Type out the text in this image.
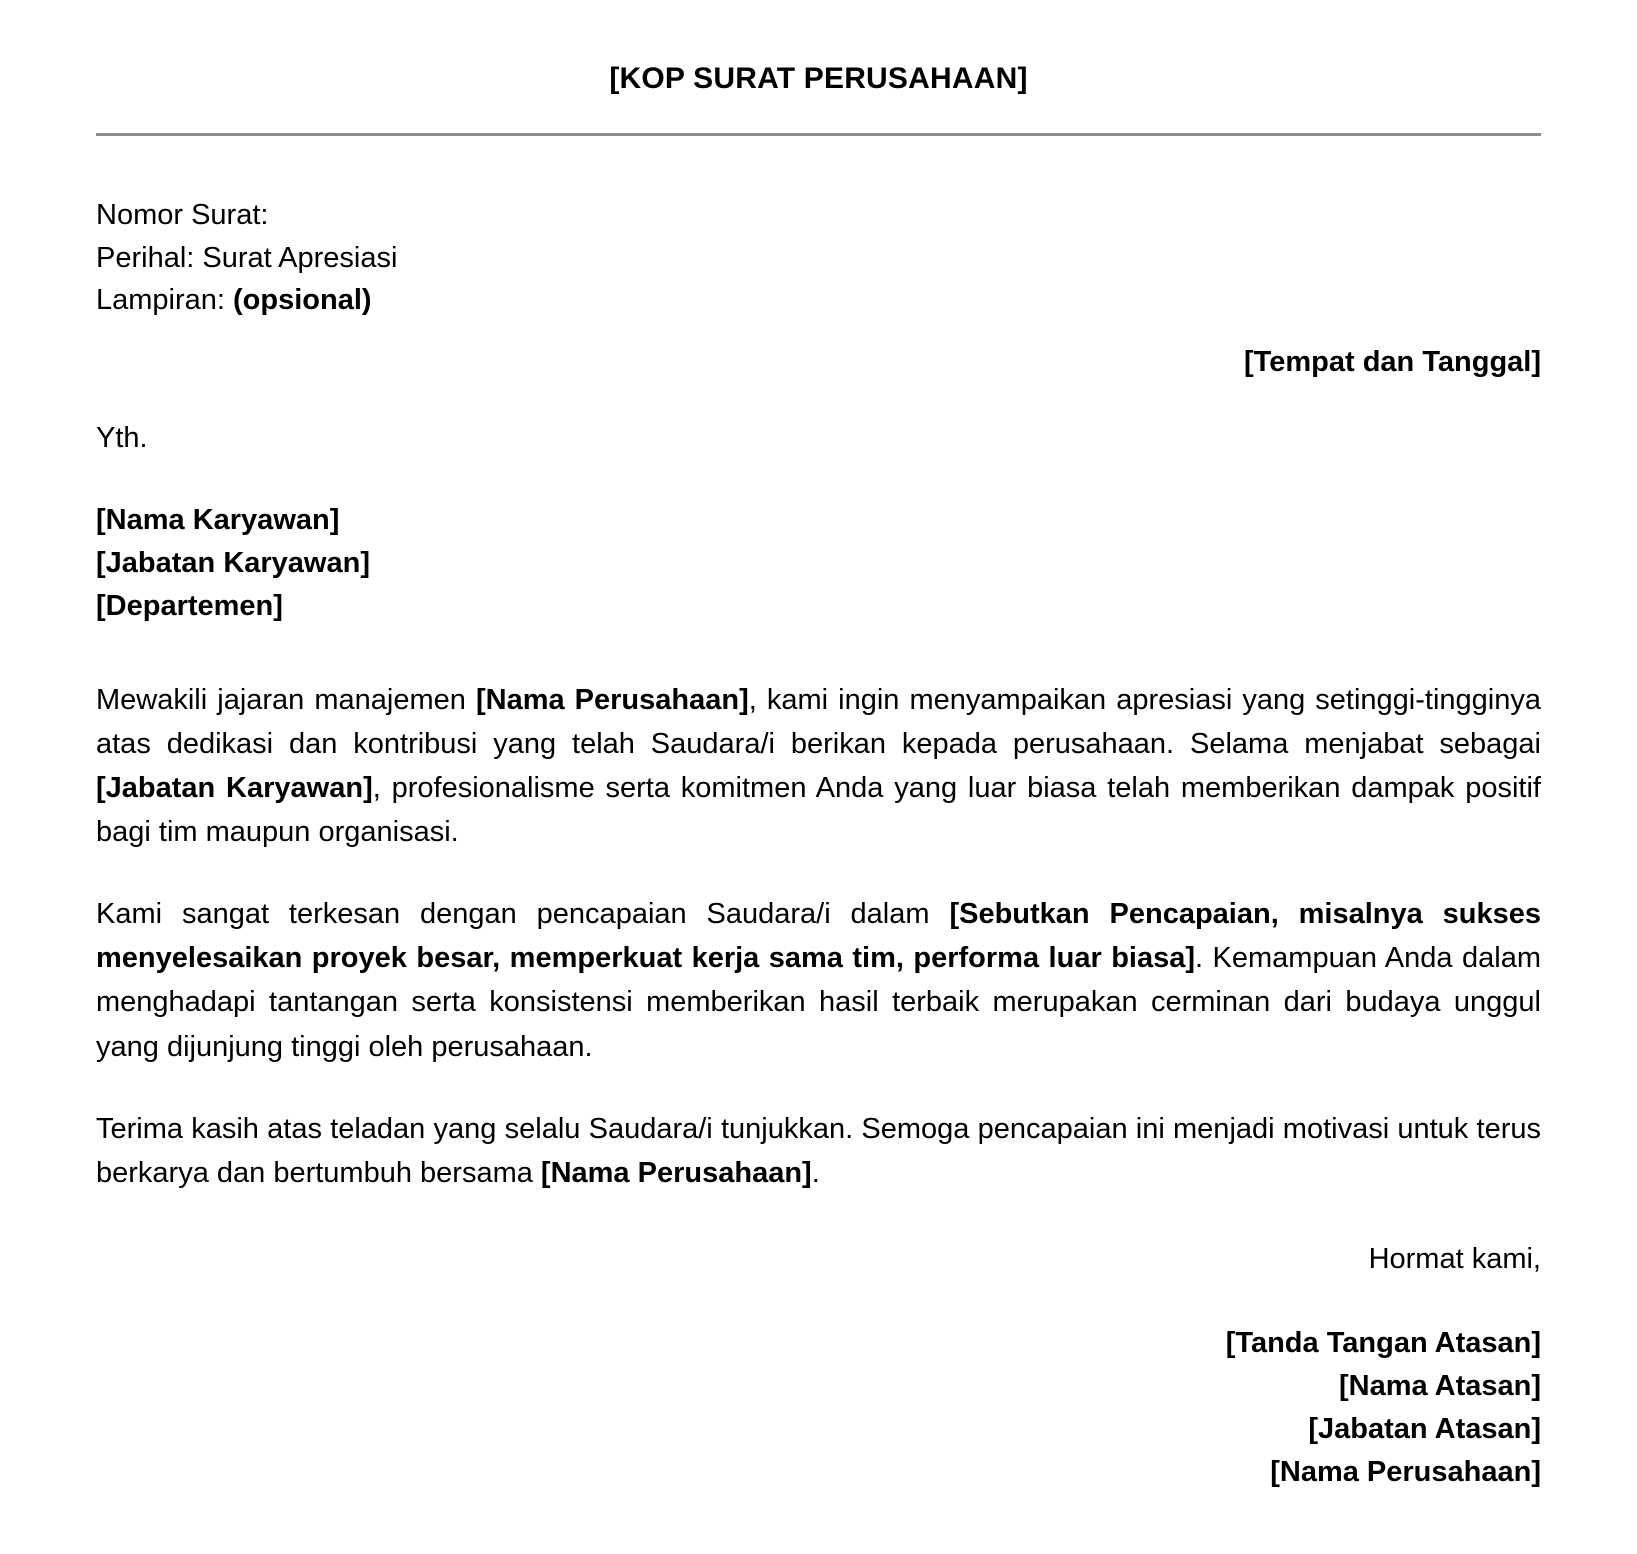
[KOP SURAT PERUSAHAAN]
Nomor Surat:
Perihal: Surat Apresiasi
Lampiran: (opsional)
[Tempat dan Tanggal]
Yth.
[Nama Karyawan]
[Jabatan Karyawan]
[Departemen]

Mewakili jajaran manajemen [Nama Perusahaan], kami ingin menyampaikan apresiasi yang setinggi-tingginya atas dedikasi dan kontribusi yang telah Saudara/i berikan kepada perusahaan. Selama menjabat sebagai [Jabatan Karyawan], profesionalisme serta komitmen Anda yang luar biasa telah memberikan dampak positif bagi tim maupun organisasi.

Kami sangat terkesan dengan pencapaian Saudara/i dalam [Sebutkan Pencapaian, misalnya sukses menyelesaikan proyek besar, memperkuat kerja sama tim, performa luar biasa]. Kemampuan Anda dalam menghadapi tantangan serta konsistensi memberikan hasil terbaik merupakan cerminan dari budaya unggul yang dijunjung tinggi oleh perusahaan.

Terima kasih atas teladan yang selalu Saudara/i tunjukkan. Semoga pencapaian ini menjadi motivasi untuk terus berkarya dan bertumbuh bersama [Nama Perusahaan].

Hormat kami,
[Tanda Tangan Atasan]
[Nama Atasan]
[Jabatan Atasan]
[Nama Perusahaan]
